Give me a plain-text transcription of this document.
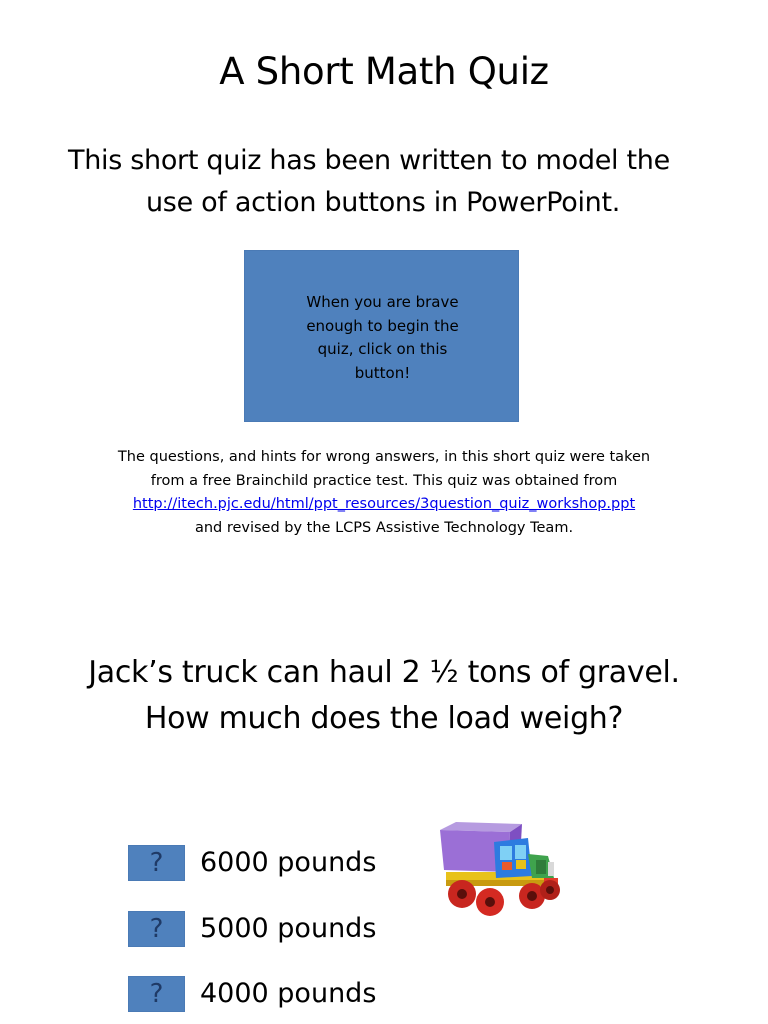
A Short Math Quiz
This short quiz has been written to model the
use of action buttons in PowerPoint.
When you are brave
enough to begin the
quiz, click on this
button!
The questions, and hints for wrong answers, in this short quiz were taken
from a free Brainchild practice test. This quiz was obtained from
http://itech.pjc.edu/html/ppt_resources/3question_quiz_workshop.ppt
and revised by the LCPS Assistive Technology Team.
Jack’s truck can haul 2 ½ tons of gravel.
How much does the load weigh?
?	6000 pounds
?	5000 pounds
?	4000 pounds
